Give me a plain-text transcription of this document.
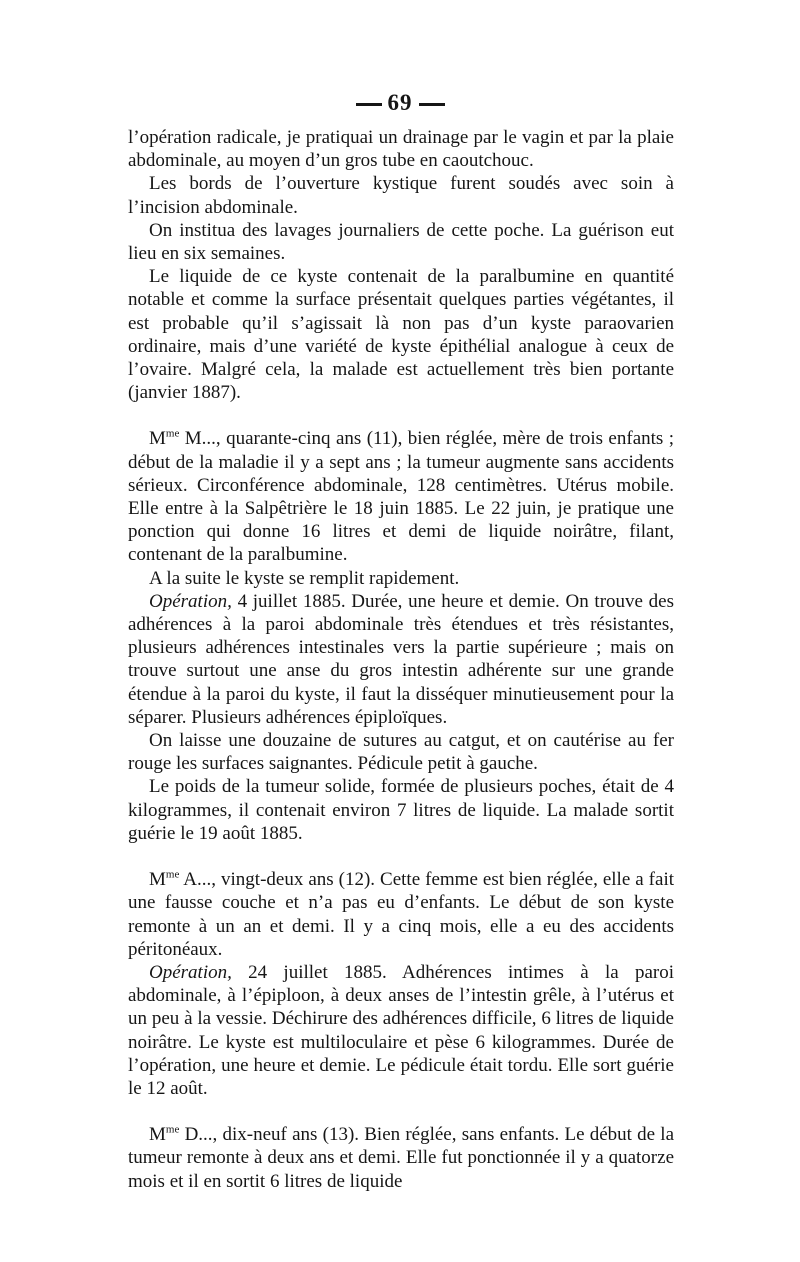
69

l’opération radicale, je pratiquai un drainage par le vagin et par la plaie abdominale, au moyen d’un gros tube en caoutchouc.

Les bords de l’ouverture kystique furent soudés avec soin à l’incision abdominale.

On institua des lavages journaliers de cette poche. La guérison eut lieu en six semaines.

Le liquide de ce kyste contenait de la paralbumine en quantité notable et comme la surface présentait quelques parties végétantes, il est probable qu’il s’agissait là non pas d’un kyste paraovarien ordinaire, mais d’une variété de kyste épithélial analogue à ceux de l’ovaire. Malgré cela, la malade est actuellement très bien portante (janvier 1887).

$M^{me}$ M..., quarante-cinq ans (11), bien réglée, mère de trois enfants ; début de la maladie il y a sept ans ; la tumeur augmente sans accidents sérieux. Circonférence abdominale, 128 centimètres. Utérus mobile. Elle entre à la Salpêtrière le 18 juin 1885. Le 22 juin, je pratique une ponction qui donne 16 litres et demi de liquide noirâtre, filant, contenant de la paralbumine.

A la suite le kyste se remplit rapidement.

Opération, 4 juillet 1885. Durée, une heure et demie. On trouve des adhérences à la paroi abdominale très étendues et très résistantes, plusieurs adhérences intestinales vers la partie supérieure ; mais on trouve surtout une anse du gros intestin adhérente sur une grande étendue à la paroi du kyste, il faut la disséquer minutieusement pour la séparer. Plusieurs adhérences épiploïques.

On laisse une douzaine de sutures au catgut, et on cautérise au fer rouge les surfaces saignantes. Pédicule petit à gauche.

Le poids de la tumeur solide, formée de plusieurs poches, était de 4 kilogrammes, il contenait environ 7 litres de liquide. La malade sortit guérie le 19 août 1885.

$M^{me}$ A..., vingt-deux ans (12). Cette femme est bien réglée, elle a fait une fausse couche et n’a pas eu d’enfants. Le début de son kyste remonte à un an et demi. Il y a cinq mois, elle a eu des accidents péritonéaux.

Opération, 24 juillet 1885. Adhérences intimes à la paroi abdominale, à l’épiploon, à deux anses de l’intestin grêle, à l’utérus et un peu à la vessie. Déchirure des adhérences difficile, 6 litres de liquide noirâtre. Le kyste est multiloculaire et pèse 6 kilogrammes. Durée de l’opération, une heure et demie. Le pédicule était tordu. Elle sort guérie le 12 août.

$M^{me}$ D..., dix-neuf ans (13). Bien réglée, sans enfants. Le début de la tumeur remonte à deux ans et demi. Elle fut ponctionnée il y a quatorze mois et il en sortit 6 litres de liquide
